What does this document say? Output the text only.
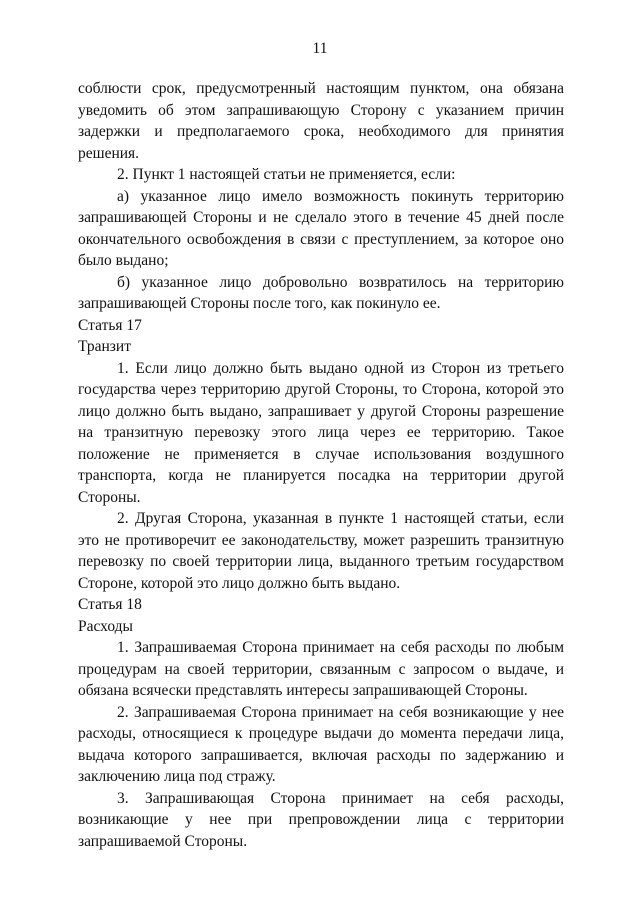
11

соблюсти срок, предусмотренный настоящим пунктом, она обязана уведомить об этом запрашивающую Сторону с указанием причин задержки и предполагаемого срока, необходимого для принятия решения.

2. Пункт 1 настоящей статьи не применяется, если:

а) указанное лицо имело возможность покинуть территорию запрашивающей Стороны и не сделало этого в течение 45 дней после окончательного освобождения в связи с преступлением, за которое оно было выдано;

б) указанное лицо добровольно возвратилось на территорию запрашивающей Стороны после того, как покинуло ее.

Статья 17

Транзит

1. Если лицо должно быть выдано одной из Сторон из третьего государства через территорию другой Стороны, то Сторона, которой это лицо должно быть выдано, запрашивает у другой Стороны разрешение на транзитную перевозку этого лица через ее территорию. Такое положение не применяется в случае использования воздушного транспорта, когда не планируется посадка на территории другой Стороны.

2. Другая Сторона, указанная в пункте 1 настоящей статьи, если это не противоречит ее законодательству, может разрешить транзитную перевозку по своей территории лица, выданного третьим государством Стороне, которой это лицо должно быть выдано.

Статья 18

Расходы

1. Запрашиваемая Сторона принимает на себя расходы по любым процедурам на своей территории, связанным с запросом о выдаче, и обязана всячески представлять интересы запрашивающей Стороны.

2. Запрашиваемая Сторона принимает на себя возникающие у нее расходы, относящиеся к процедуре выдачи до момента передачи лица, выдача которого запрашивается, включая расходы по задержанию и заключению лица под стражу.

3. Запрашивающая Сторона принимает на себя расходы, возникающие у нее при препровождении лица с территории запрашиваемой Стороны.
